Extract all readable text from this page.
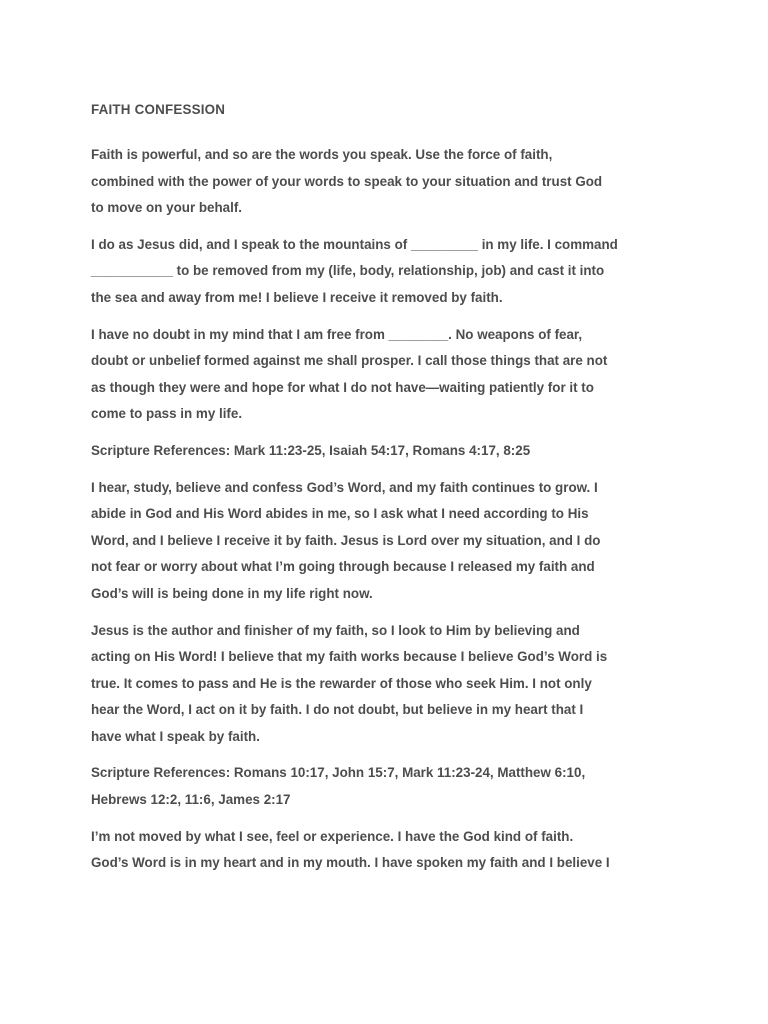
FAITH CONFESSION
Faith is powerful, and so are the words you speak. Use the force of faith,
combined with the power of your words to speak to your situation and trust God
to move on your behalf.
I do as Jesus did, and I speak to the mountains of _________ in my life. I command
___________ to be removed from my (life, body, relationship, job) and cast it into
the sea and away from me! I believe I receive it removed by faith.
I have no doubt in my mind that I am free from ________. No weapons of fear,
doubt or unbelief formed against me shall prosper. I call those things that are not
as though they were and hope for what I do not have—waiting patiently for it to
come to pass in my life.
Scripture References: Mark 11:23-25, Isaiah 54:17, Romans 4:17, 8:25
I hear, study, believe and confess God’s Word, and my faith continues to grow. I
abide in God and His Word abides in me, so I ask what I need according to His
Word, and I believe I receive it by faith. Jesus is Lord over my situation, and I do
not fear or worry about what I’m going through because I released my faith and
God’s will is being done in my life right now.
Jesus is the author and finisher of my faith, so I look to Him by believing and
acting on His Word! I believe that my faith works because I believe God’s Word is
true. It comes to pass and He is the rewarder of those who seek Him. I not only
hear the Word, I act on it by faith. I do not doubt, but believe in my heart that I
have what I speak by faith.
Scripture References: Romans 10:17, John 15:7, Mark 11:23-24, Matthew 6:10,
Hebrews 12:2, 11:6, James 2:17
I’m not moved by what I see, feel or experience. I have the God kind of faith.
God’s Word is in my heart and in my mouth. I have spoken my faith and I believe I
